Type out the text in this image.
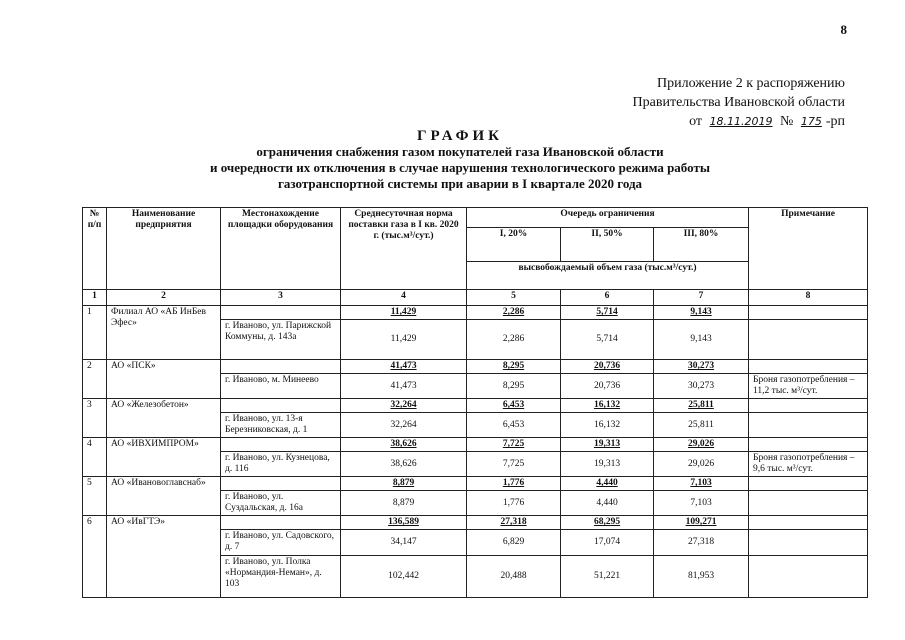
8
Приложение 2 к распоряжению
Правительства Ивановской области
от 18.11.2019 № 175 -рп
ГРАФИК
ограничения снабжения газом покупателей газа Ивановской области
и очередности их отключения в случае нарушения технологического режима работы
газотранспортной системы при аварии в I квартале 2020 года
№ п/п	Наименование предприятия	Местонахождение площадки оборудования	Среднесуточная норма поставки газа в I кв. 2020 г. (тыс.м³/сут.)	Очередь ограничения			Примечание
				I, 20%	II, 50%	III, 80%	
				высвобождаемый объем газа (тыс.м³/сут.)			
1	2	3	4	5	6	7	8
1	Филиал АО «АБ ИнБев Эфес»		11,429	2,286	5,714	9,143	
		г. Иваново, ул. Парижской Коммуны, д. 143а	11,429	2,286	5,714	9,143	
2	АО «ПСК»		41,473	8,295	20,736	30,273	
		г. Иваново, м. Минеево	41,473	8,295	20,736	30,273	Броня газопотребления – 11,2 тыс. м³/сут.
3	АО «Железобетон»		32,264	6,453	16,132	25,811	
		г. Иваново, ул. 13-я Березниковская, д. 1	32,264	6,453	16,132	25,811	
4	АО «ИВХИМПРОМ»		38,626	7,725	19,313	29,026	
		г. Иваново, ул. Кузнецова, д. 116	38,626	7,725	19,313	29,026	Броня газопотребления – 9,6 тыс. м³/сут.
5	АО «Ивановоглавснаб»		8,879	1,776	4,440	7,103	
		г. Иваново, ул. Суздальская, д. 16а	8,879	1,776	4,440	7,103	
6	АО «ИвГТЭ»		136,589	27,318	68,295	109,271	
		г. Иваново, ул. Садовского, д. 7	34,147	6,829	17,074	27,318	
		г. Иваново, ул. Полка «Нормандия-Неман», д. 103	102,442	20,488	51,221	81,953	
